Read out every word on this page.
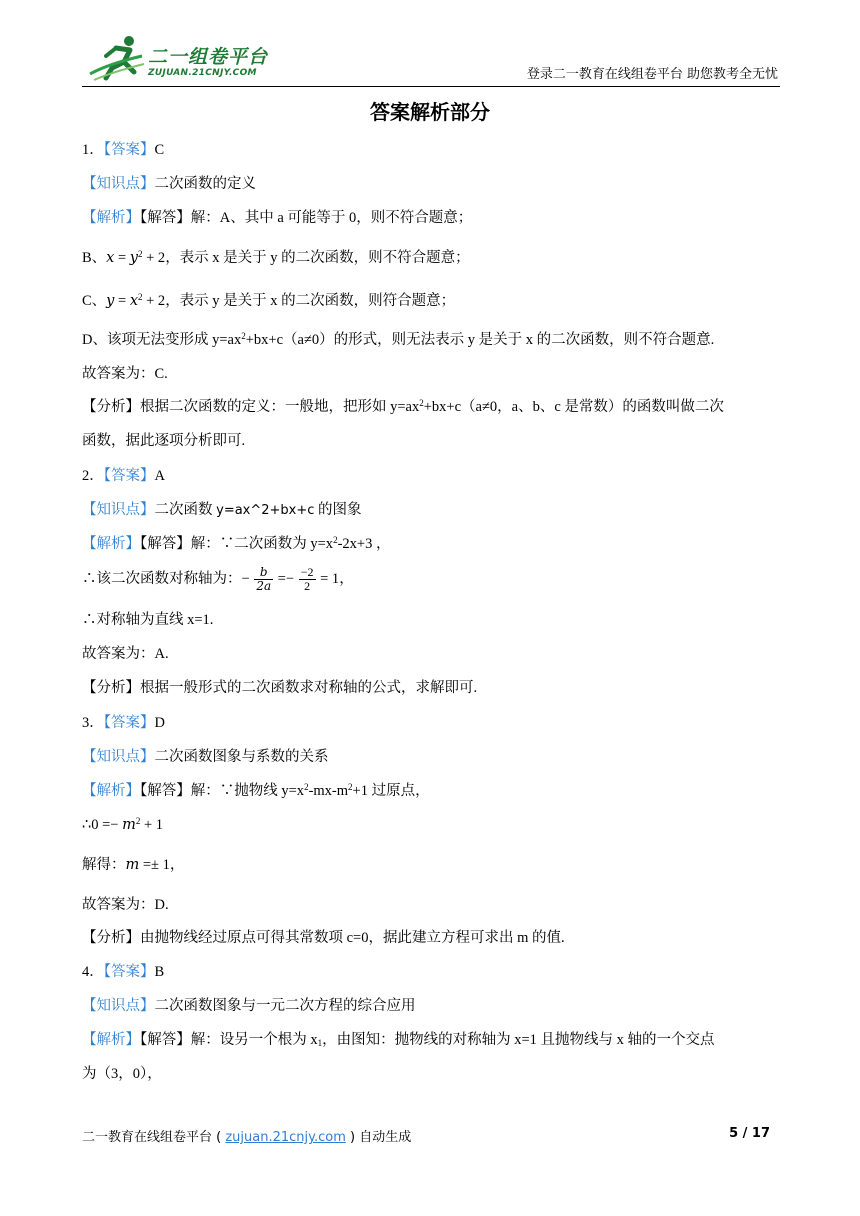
二一组卷平台
ZUJUAN.21CNJY.COM	登录二一教育在线组卷平台 助您教考全无忧
答案解析部分
1．【答案】C
【知识点】二次函数的定义
【解析】【解答】解：A、其中 a 可能等于 0，则不符合题意；
B、$x = y^2 + 2$，表示 x 是关于 y 的二次函数，则不符合题意；
C、$y = x^2 + 2$，表示 y 是关于 x 的二次函数，则符合题意；
D、该项无法变形成 $y=ax^2+bx+c(a\ne 0)$的形式，则无法表示 y 是关于 x 的二次函数，则不符合题意.
故答案为：C.
【分析】根据二次函数的定义：一般地，把形如 $y=ax^2+bx+c(a\ne 0$，a、b、c 是常数）的函数叫做二次
函数，据此逐项分析即可.
2．【答案】A
【知识点】二次函数 y=ax^2+bx+c 的图象
【解析】【解答】解：∵二次函数为 $y=x^2-2x+3$ ，
∴该二次函数对称轴为：− $\frac{b}{2a} =- \frac{-2}{2} = 1$，
∴对称轴为直线 x=1.
故答案为：A.
【分析】根据一般形式的二次函数求对称轴的公式，求解即可.
3．【答案】D
【知识点】二次函数图象与系数的关系
【解析】【解答】解：∵抛物线 $y=x^2-mx-m^2+1$ 过原点，
∴0 =− $m^2 + 1$
解得：m =± 1，
故答案为：D.
【分析】由抛物线经过原点可得其常数项 c=0，据此建立方程可求出 m 的值.
4．【答案】B
【知识点】二次函数图象与一元二次方程的综合应用
【解析】【解答】解：设另一个根为 $x_1$，由图知：抛物线的对称轴为 x=1 且抛物线与 x 轴的一个交点
为（3，0），
二一教育在线组卷平台 ( zujuan.21cnjy.com ) 自动生成	5 / 17
